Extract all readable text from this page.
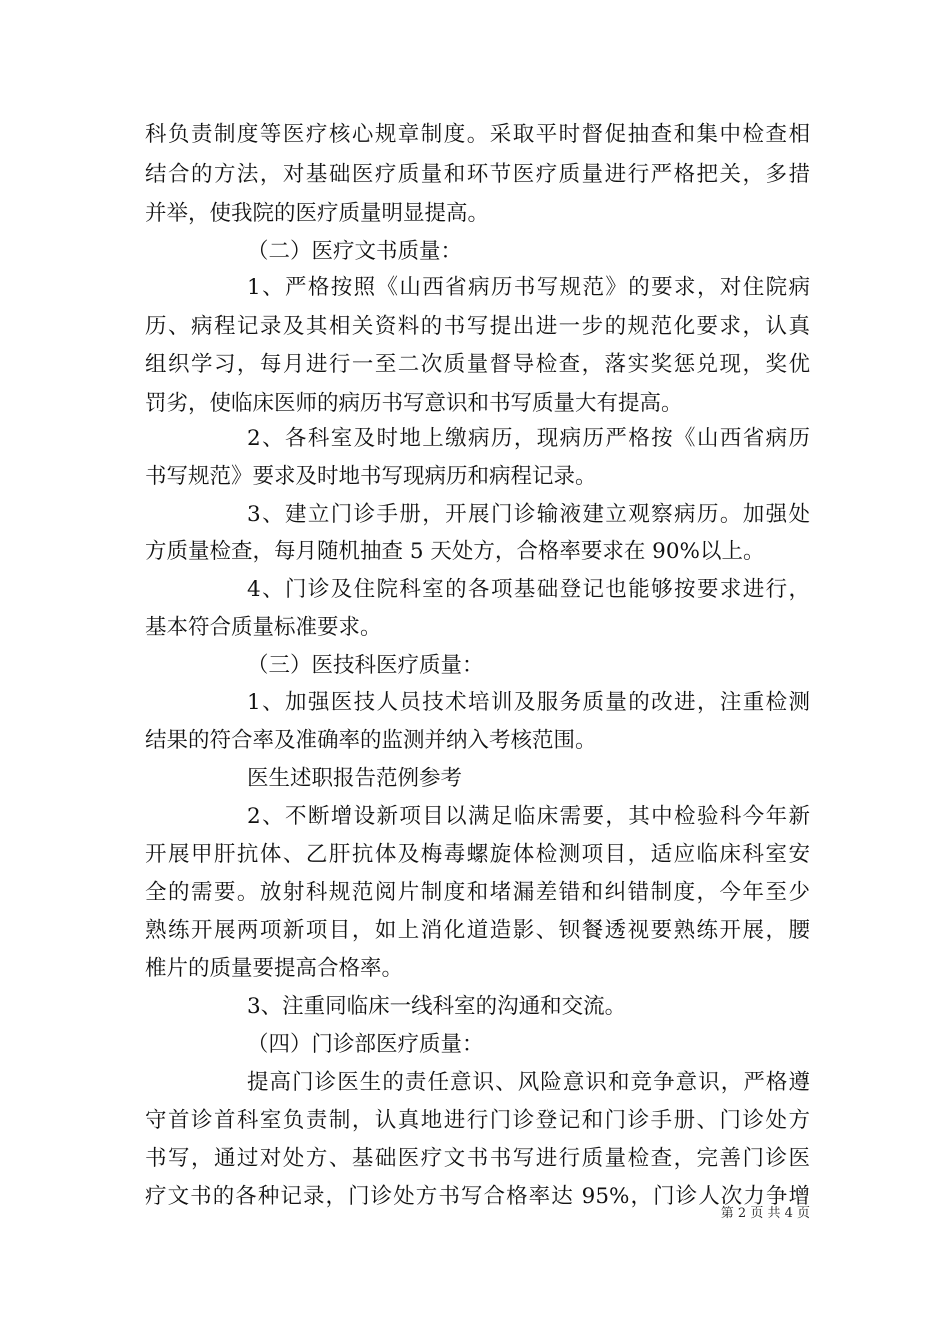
科负责制度等医疗核心规章制度。采取平时督促抽查和集中检查相
结合的方法，对基础医疗质量和环节医疗质量进行严格把关，多措
并举，使我院的医疗质量明显提高。
（二）医疗文书质量：
1、严格按照《山西省病历书写规范》的要求，对住院病
历、病程记录及其相关资料的书写提出进一步的规范化要求，认真
组织学习，每月进行一至二次质量督导检查，落实奖惩兑现，奖优
罚劣，使临床医师的病历书写意识和书写质量大有提高。
2、各科室及时地上缴病历，现病历严格按《山西省病历
书写规范》要求及时地书写现病历和病程记录。
3、建立门诊手册，开展门诊输液建立观察病历。加强处
方质量检查，每月随机抽查 5 天处方，合格率要求在 90%以上。
4、门诊及住院科室的各项基础登记也能够按要求进行，
基本符合质量标准要求。
（三）医技科医疗质量：
1、加强医技人员技术培训及服务质量的改进，注重检测
结果的符合率及准确率的监测并纳入考核范围。
医生述职报告范例参考
2、不断增设新项目以满足临床需要，其中检验科今年新
开展甲肝抗体、乙肝抗体及梅毒螺旋体检测项目，适应临床科室安
全的需要。放射科规范阅片制度和堵漏差错和纠错制度，今年至少
熟练开展两项新项目，如上消化道造影、钡餐透视要熟练开展，腰
椎片的质量要提高合格率。
3、注重同临床一线科室的沟通和交流。
（四）门诊部医疗质量：
提高门诊医生的责任意识、风险意识和竞争意识，严格遵
守首诊首科室负责制，认真地进行门诊登记和门诊手册、门诊处方
书写，通过对处方、基础医疗文书书写进行质量检查，完善门诊医
疗文书的各种记录，门诊处方书写合格率达 95%，门诊人次力争增
第 2 页 共 4 页
